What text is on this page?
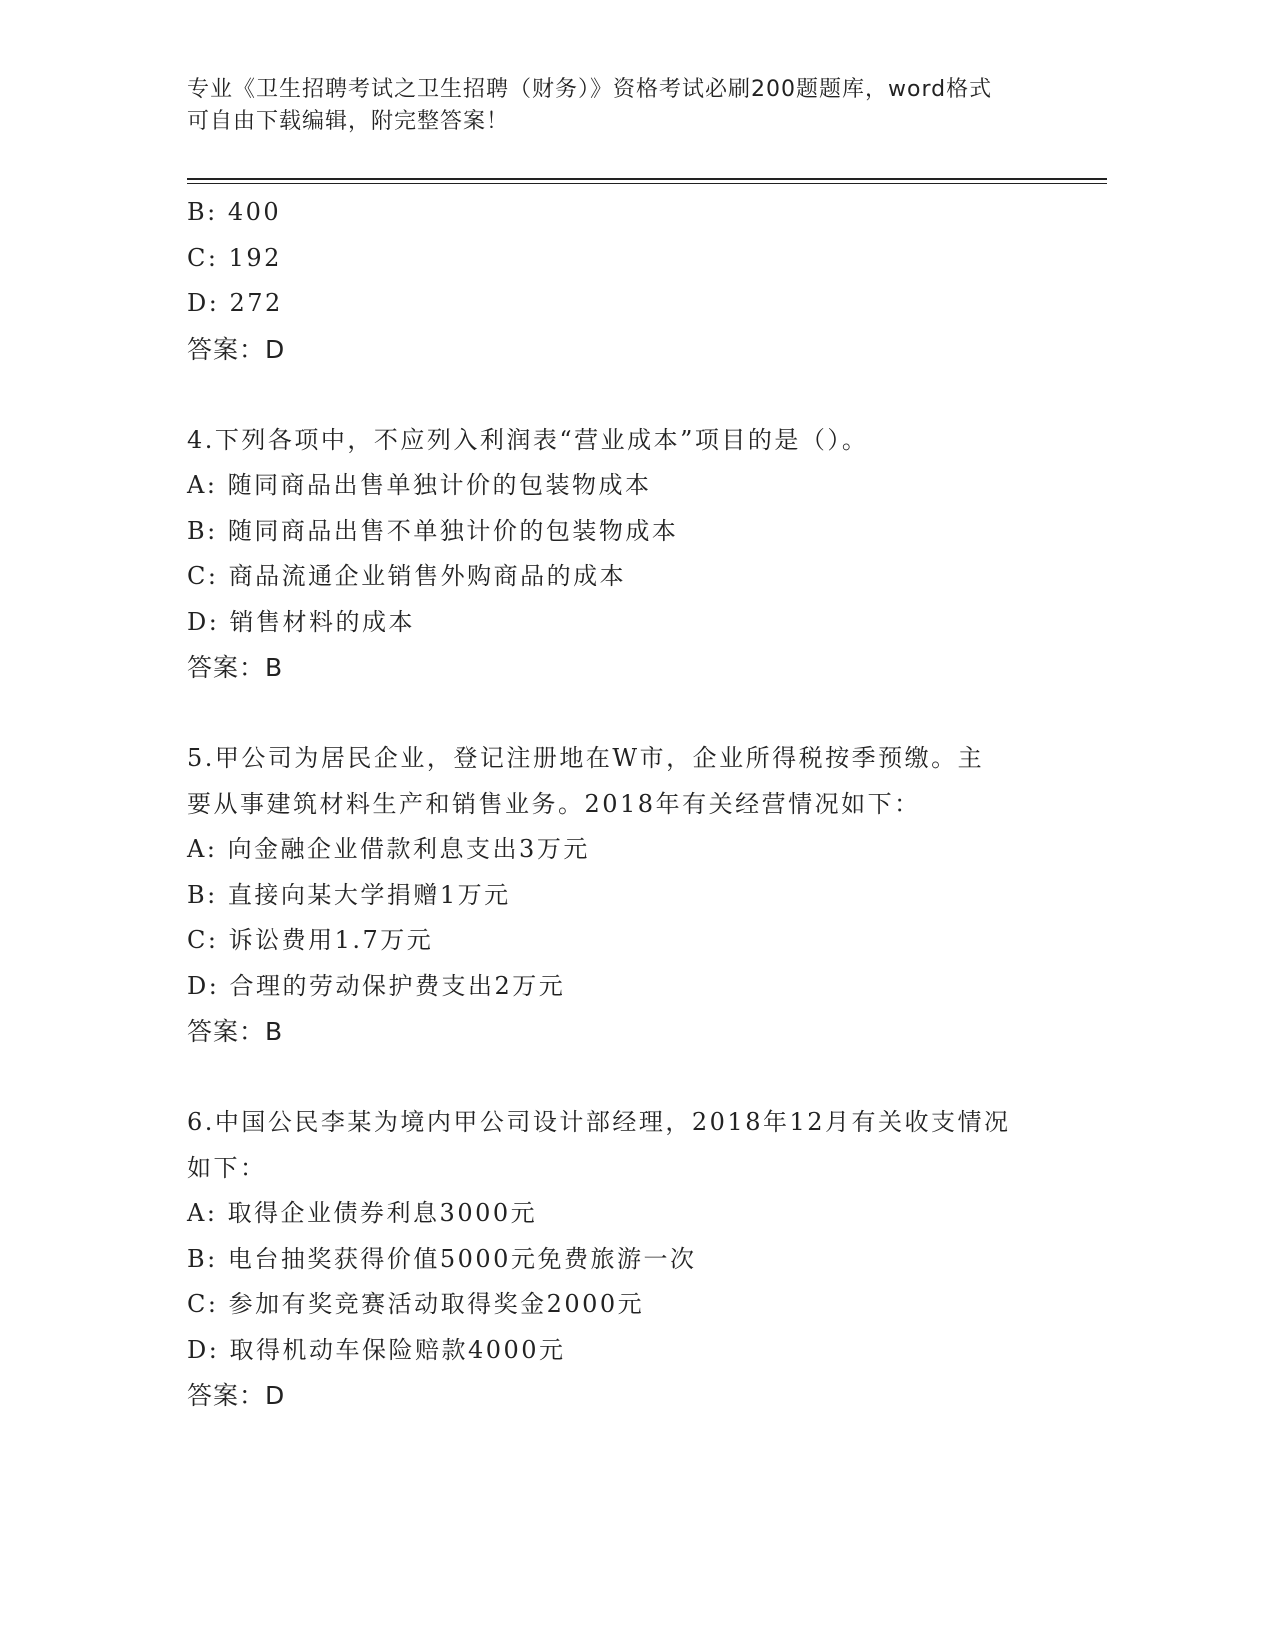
专业《卫生招聘考试之卫生招聘（财务）》资格考试必刷200题题库，word格式
可自由下载编辑，附完整答案！
B: 400
C: 192
D: 272
答案：D
4.下列各项中，不应列入利润表“营业成本”项目的是（）。
A: 随同商品出售单独计价的包装物成本
B: 随同商品出售不单独计价的包装物成本
C: 商品流通企业销售外购商品的成本
D: 销售材料的成本
答案：B
5.甲公司为居民企业，登记注册地在W市，企业所得税按季预缴。主
要从事建筑材料生产和销售业务。2018年有关经营情况如下：
A: 向金融企业借款利息支出3万元
B: 直接向某大学捐赠1万元
C: 诉讼费用1.7万元
D: 合理的劳动保护费支出2万元
答案：B
6.中国公民李某为境内甲公司设计部经理，2018年12月有关收支情况
如下：
A: 取得企业债券利息3000元
B: 电台抽奖获得价值5000元免费旅游一次
C: 参加有奖竞赛活动取得奖金2000元
D: 取得机动车保险赔款4000元
答案：D
